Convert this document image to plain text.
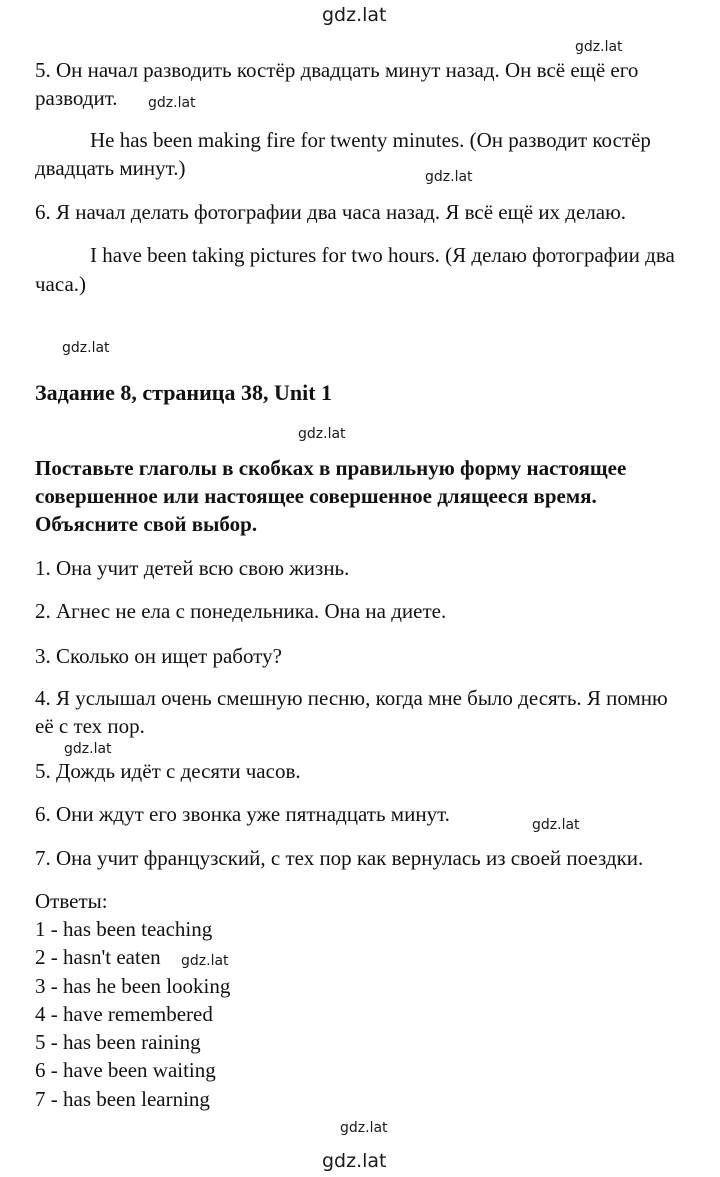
gdz.lat
gdz.lat
gdz.lat
gdz.lat
gdz.lat
gdz.lat
gdz.lat
gdz.lat
gdz.lat
gdz.lat
gdz.lat
5. Он начал разводить костёр двадцать минут назад. Он всё ещё его
разводит.
He has been making fire for twenty minutes. (Он разводит костёр
двадцать минут.)
6. Я начал делать фотографии два часа назад. Я всё ещё их делаю.
I have been taking pictures for two hours. (Я делаю фотографии два
часа.)
Задание 8, страница 38, Unit 1
Поставьте глаголы в скобках в правильную форму настоящее
совершенное или настоящее совершенное длящееся время.
Объясните свой выбор.
1. Она учит детей всю свою жизнь.
2. Агнес не ела с понедельника. Она на диете.
3. Сколько он ищет работу?
4. Я услышал очень смешную песню, когда мне было десять. Я помню
её с тех пор.
5. Дождь идёт с десяти часов.
6. Они ждут его звонка уже пятнадцать минут.
7. Она учит французский, с тех пор как вернулась из своей поездки.
Ответы:
1 - has been teaching
2 - hasn't eaten
3 - has he been looking
4 - have remembered
5 - has been raining
6 - have been waiting
7 - has been learning
